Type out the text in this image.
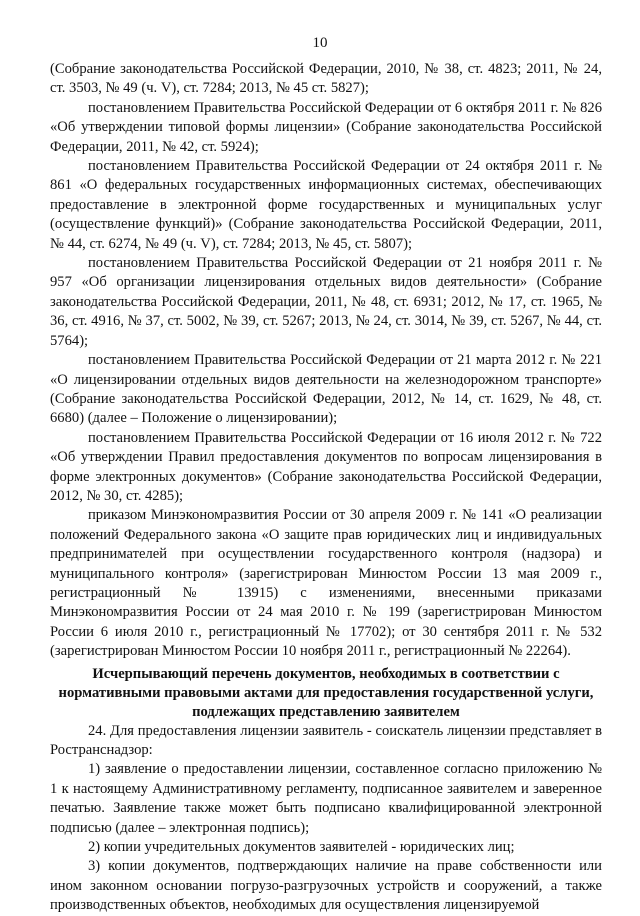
10

(Собрание законодательства Российской Федерации, 2010, № 38, ст. 4823; 2011, № 24, ст. 3503, № 49 (ч. V), ст. 7284; 2013, № 45 ст. 5827);

постановлением Правительства Российской Федерации от 6 октября 2011 г. № 826 «Об утверждении типовой формы лицензии» (Собрание законодательства Российской Федерации, 2011, № 42, ст. 5924);

постановлением Правительства Российской Федерации от 24 октября 2011 г. № 861 «О федеральных государственных информационных системах, обеспечивающих предоставление в электронной форме государственных и муниципальных услуг (осуществление функций)» (Собрание законодательства Российской Федерации, 2011, № 44, ст. 6274, № 49 (ч. V), ст. 7284; 2013, № 45, ст. 5807);

постановлением Правительства Российской Федерации от 21 ноября 2011 г. № 957 «Об организации лицензирования отдельных видов деятельности» (Собрание законодательства Российской Федерации, 2011, № 48, ст. 6931; 2012, № 17, ст. 1965, № 36, ст. 4916, № 37, ст. 5002, № 39, ст. 5267; 2013, № 24, ст. 3014, № 39, ст. 5267, № 44, ст. 5764);

постановлением Правительства Российской Федерации от 21 марта 2012 г. № 221 «О лицензировании отдельных видов деятельности на железнодорожном транспорте» (Собрание законодательства Российской Федерации, 2012, № 14, ст. 1629, № 48, ст. 6680) (далее – Положение о лицензировании);

постановлением Правительства Российской Федерации от 16 июля 2012 г. № 722 «Об утверждении Правил предоставления документов по вопросам лицензирования в форме электронных документов» (Собрание законодательства Российской Федерации, 2012, № 30, ст. 4285);

приказом Минэкономразвития России от 30 апреля 2009 г. № 141 «О реализации положений Федерального закона «О защите прав юридических лиц и индивидуальных предпринимателей при осуществлении государственного контроля (надзора) и муниципального контроля» (зарегистрирован Минюстом России 13 мая 2009 г., регистрационный № 13915) с изменениями, внесенными приказами Минэкономразвития России от 24 мая 2010 г. № 199 (зарегистрирован Минюстом России 6 июля 2010 г., регистрационный № 17702); от 30 сентября 2011 г. № 532 (зарегистрирован Минюстом России 10 ноября 2011 г., регистрационный № 22264).

Исчерпывающий перечень документов, необходимых в соответствии с нормативными правовыми актами для предоставления государственной услуги, подлежащих представлению заявителем

24. Для предоставления лицензии заявитель - соискатель лицензии представляет в Ространснадзор:

1) заявление о предоставлении лицензии, составленное согласно приложению № 1 к настоящему Административному регламенту, подписанное заявителем и заверенное печатью. Заявление также может быть подписано квалифицированной электронной подписью (далее – электронная подпись);

2) копии учредительных документов заявителей - юридических лиц;

3) копии документов, подтверждающих наличие на праве собственности или ином законном основании погрузо-разгрузочных устройств и сооружений, а также производственных объектов, необходимых для осуществления лицензируемой
